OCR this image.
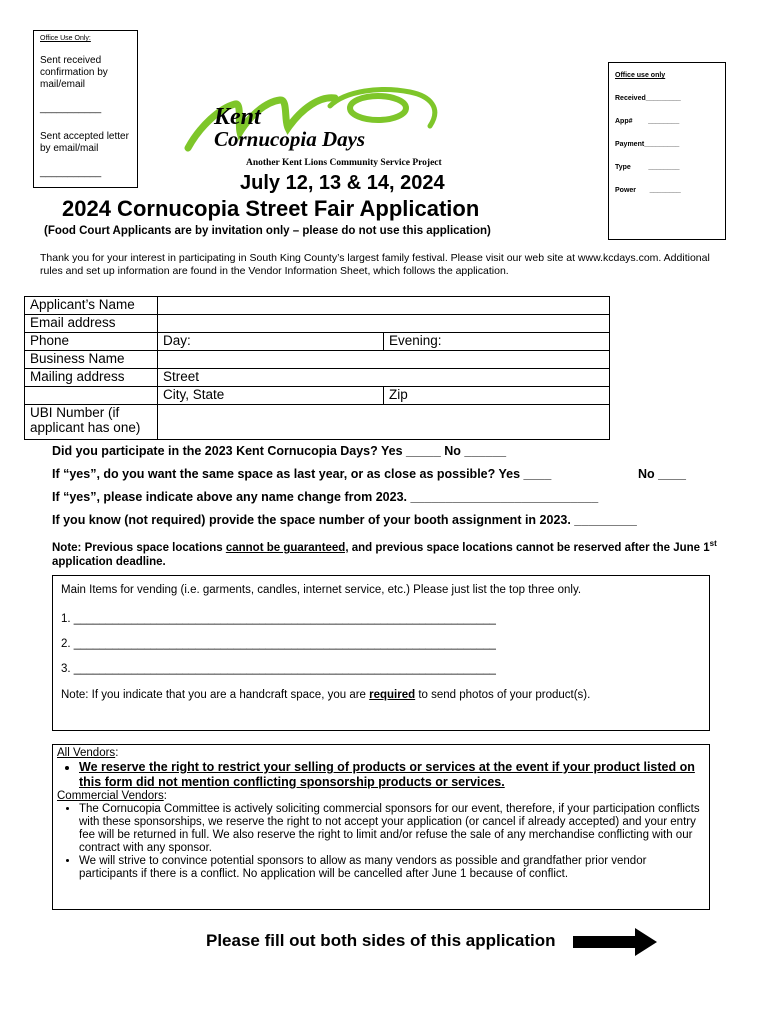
Office Use Only:
Sent received confirmation by mail/email
___________
Sent accepted letter by email/mail
___________
Office use only
Received_________
App# ________
Payment_________
Type	________
Power ________
Kent
Cornucopia Days
Another Kent Lions Community Service Project
July 12, 13 & 14, 2024
2024 Cornucopia Street Fair Application
(Food Court Applicants are by invitation only – please do not use this application)
Thank you for your interest in participating in South King County’s largest family festival. Please visit our web site at www.kcdays.com. Additional rules and set up information are found in the Vendor Information Sheet, which follows the application.
Applicant’s Name		
Email address		
Phone	Day:	Evening:
Business Name		
Mailing address	Street	
	City, State	Zip
UBI Number (if applicant has one)		
Did you participate in the 2023 Kent Cornucopia Days? Yes _____ No ______
If “yes”, do you want the same space as last year, or as close as possible? Yes ____	No ____
If “yes”, please indicate above any name change from 2023. ___________________________
If you know (not required) provide the space number of your booth assignment in 2023. _________
Note: Previous space locations cannot be guaranteed, and previous space locations cannot be reserved after the June 1st application deadline.
Main Items for vending (i.e. garments, candles, internet service, etc.) Please just list the top three only.
1. __________________________________________________________________
2. __________________________________________________________________
3. __________________________________________________________________
Note: If you indicate that you are a handcraft space, you are required to send photos of your product(s).
All Vendors:
• We reserve the right to restrict your selling of products or services at the event if your product listed on this form did not mention conflicting sponsorship products or services.
Commercial Vendors:
• The Cornucopia Committee is actively soliciting commercial sponsors for our event, therefore, if your participation conflicts with these sponsorships, we reserve the right to not accept your application (or cancel if already accepted) and your entry fee will be returned in full. We also reserve the right to limit and/or refuse the sale of any merchandise conflicting with our contract with any sponsor.
• We will strive to convince potential sponsors to allow as many vendors as possible and grandfather prior vendor participants if there is a conflict. No application will be cancelled after June 1 because of conflict.
Please fill out both sides of this application
